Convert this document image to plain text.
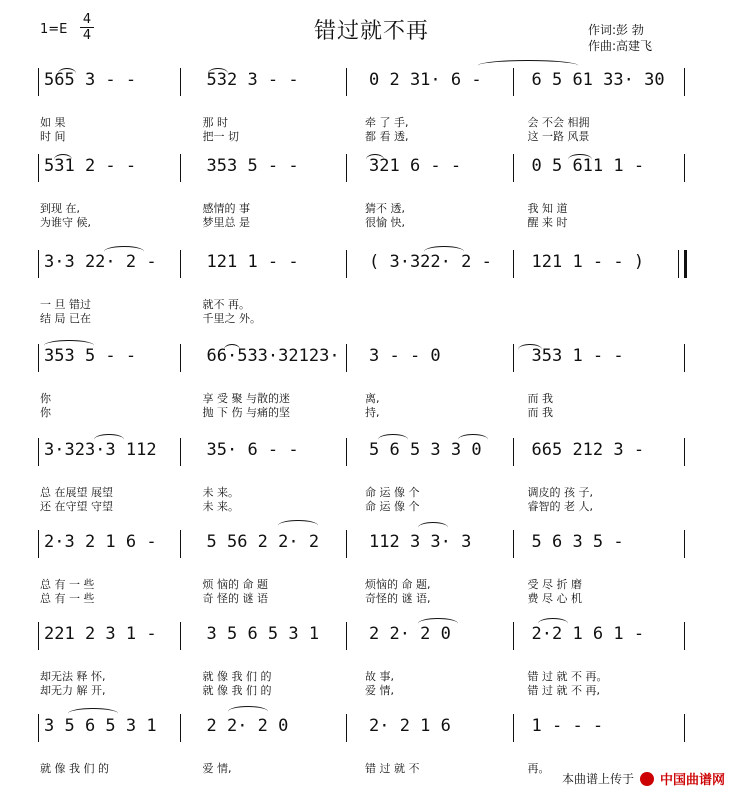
1=E
4
4	错过就不再	作词:彭 勃
作曲:高建飞
565 3 - -	532 3 - -	0 2 31· 6 -	6 5 61 33· 30
如 果	那 时	牵 了 手,	会 不会 相拥
时 间	把一 切	都 看 透,	这 一路 风景
531 2 - -	353 5 - -	321 6 - -	0 5 611 1 -
到现 在,	感情的 事	猜不 透,	我 知 道
为谁守 候,	梦里总 是	很愉 快,	醒 来 时
3·3 22· 2 -	121 1 - -	( 3·322· 2 -	121 1 - - )
一 旦 错过	就不 再。
结 局 已在	千里之 外。
353 5 - -	66·533·32123·	3 - - 0	353 1 - -
你	享 受 聚 与散的迷	离,	而 我
你	抛 下 伤 与痛的坚	持,	而 我
3·323·3 112	35· 6 - -	5 6 5 3 3 0	665 212 3 -
总 在展望 展望	未 来。	命 运 像 个	调皮的 孩 子,
还 在守望 守望	未 来。	命 运 像 个	睿智的 老 人,
2·3 2 1 6 -	5 56 2 2· 2	112 3 3· 3	5 6 3 5 -
总 有 一 些	烦 恼的 命 题	烦恼的 命 题,	受 尽 折 磨
总 有 一 些	奇 怪的 谜 语	奇怪的 谜 语,	费 尽 心 机
221 2 3 1 -	3 5 6 5 3 1	2 2· 2 0	2·2 1 6 1 -
却无法 释 怀,	就 像 我 们 的	故 事,	错 过 就 不 再。
却无力 解 开,	就 像 我 们 的	爱 情,	错 过 就 不 再,
3 5 6 5 3 1	2 2· 2 0	2· 2 1 6	1 - - -
就 像 我 们 的	爱 情,	错 过 就 不	再。
本曲谱上传于 中国曲谱网
